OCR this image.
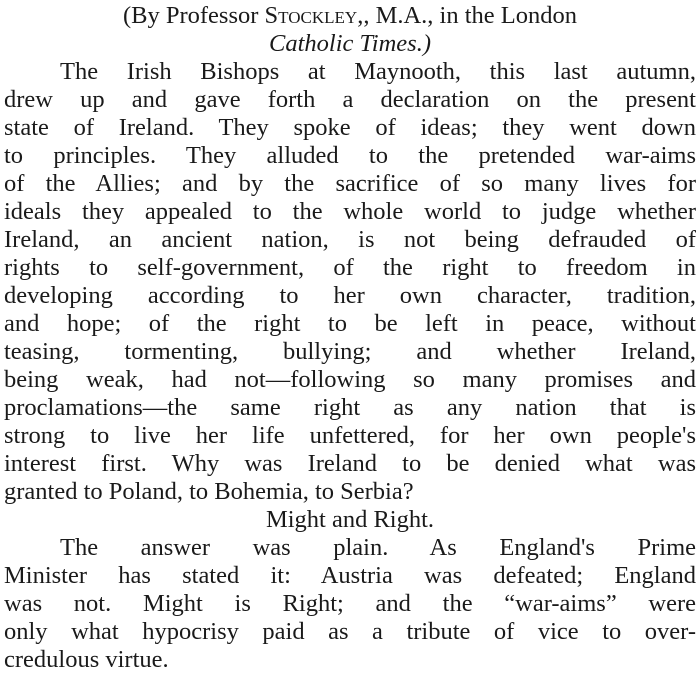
(By Professor Stockley,, M.A., in the London
Catholic Times.)
The Irish Bishops at Maynooth, this last autumn,
drew up and gave forth a declaration on the present
state of Ireland. They spoke of ideas; they went down
to principles. They alluded to the pretended war-aims
of the Allies; and by the sacrifice of so many lives for
ideals they appealed to the whole world to judge whether
Ireland, an ancient nation, is not being defrauded of
rights to self-government, of the right to freedom in
developing according to her own character, tradition,
and hope; of the right to be left in peace, without
teasing, tormenting, bullying; and whether Ireland,
being weak, had not—following so many promises and
proclamations—the same right as any nation that is
strong to live her life unfettered, for her own people's
interest first. Why was Ireland to be denied what was
granted to Poland, to Bohemia, to Serbia?
Might and Right.
The answer was plain. As England's Prime
Minister has stated it: Austria was defeated; England
was not. Might is Right; and the “war-aims” were
only what hypocrisy paid as a tribute of vice to over-
credulous virtue.
